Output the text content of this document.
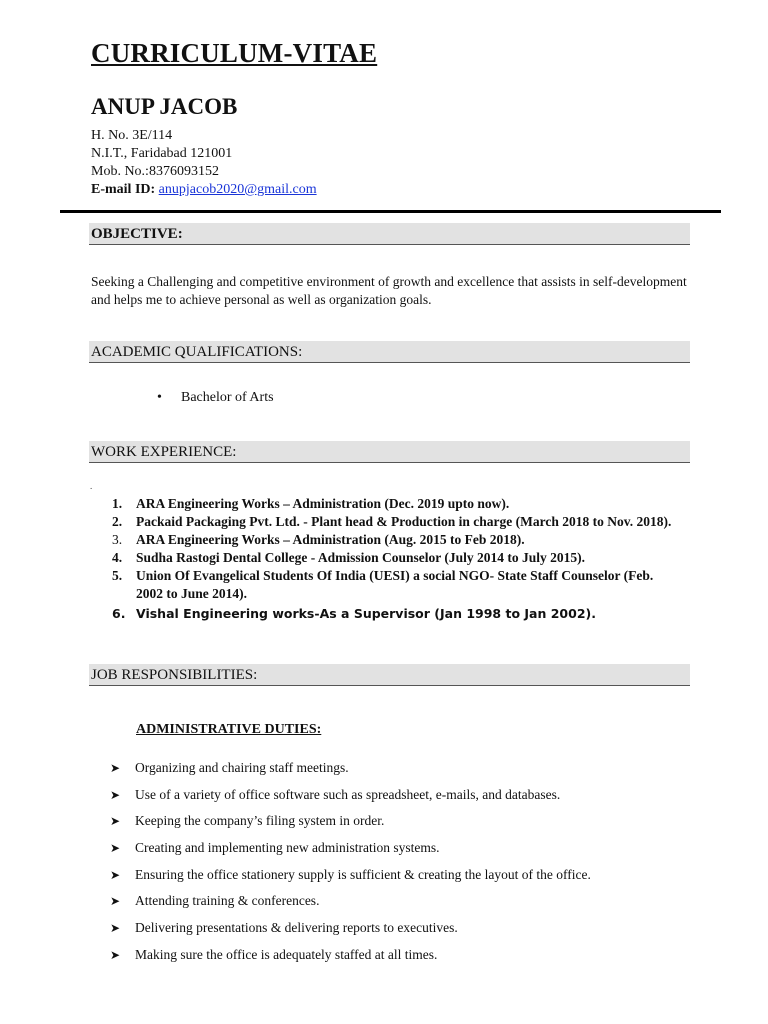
CURRICULUM-VITAE
ANUP JACOB
H. No. 3E/114
N.I.T., Faridabad 121001
Mob. No.:8376093152
E-mail ID: anupjacob2020@gmail.com
OBJECTIVE:
Seeking a Challenging and competitive environment of growth and excellence that assists in self-development and helps me to achieve personal as well as organization goals.
ACADEMIC QUALIFICATIONS:
• Bachelor of Arts
WORK EXPERIENCE:
.
1. ARA Engineering Works – Administration (Dec. 2019 upto now).
2. Packaid Packaging Pvt. Ltd. - Plant head & Production in charge (March 2018 to Nov. 2018).
3. ARA Engineering Works – Administration (Aug. 2015 to Feb 2018).
4. Sudha Rastogi Dental College - Admission Counselor (July 2014 to July 2015).
5. Union Of Evangelical Students Of India (UESI) a social NGO- State Staff Counselor (Feb. 2002 to June 2014).
6. Vishal Engineering works-As a Supervisor (Jan 1998 to Jan 2002).
JOB RESPONSIBILITIES:
ADMINISTRATIVE DUTIES:
➤ Organizing and chairing staff meetings.
➤ Use of a variety of office software such as spreadsheet, e-mails, and databases.
➤ Keeping the company’s filing system in order.
➤ Creating and implementing new administration systems.
➤ Ensuring the office stationery supply is sufficient & creating the layout of the office.
➤ Attending training & conferences.
➤ Delivering presentations & delivering reports to executives.
➤ Making sure the office is adequately staffed at all times.
